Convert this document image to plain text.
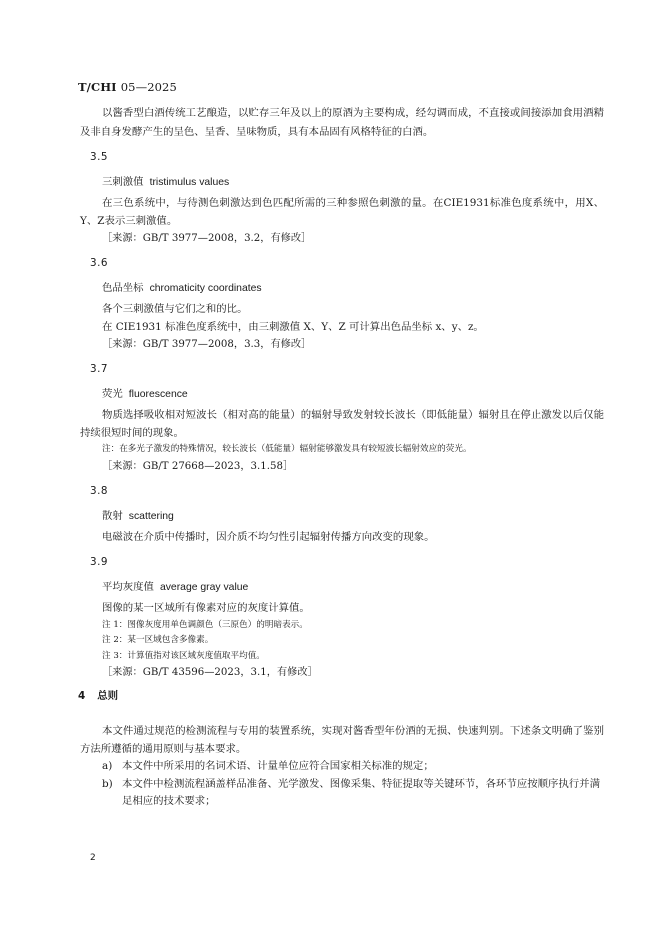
T/CHI 05—2025
以酱香型白酒传统工艺酿造，以贮存三年及以上的原酒为主要构成，经勾调而成，不直接或间接添加食用酒精及非自身发酵产生的呈色、呈香、呈味物质，具有本品固有风格特征的白酒。
3.5
三刺激值 tristimulus values
在三色系统中，与待测色刺激达到色匹配所需的三种参照色刺激的量。在CIE1931标准色度系统中，用X、Y、Z表示三刺激值。
［来源：GB/T 3977—2008，3.2，有修改］
3.6
色品坐标 chromaticity coordinates
各个三刺激值与它们之和的比。
在 CIE1931 标准色度系统中，由三刺激值 X、Y、Z 可计算出色品坐标 x、y、z。
［来源：GB/T 3977—2008，3.3，有修改］
3.7
荧光 fluorescence
物质选择吸收相对短波长（相对高的能量）的辐射导致发射较长波长（即低能量）辐射且在停止激发以后仅能持续很短时间的现象。
注：在多光子激发的特殊情况，较长波长（低能量）辐射能够激发具有较短波长辐射效应的荧光。
［来源：GB/T 27668—2023，3.1.58］
3.8
散射 scattering
电磁波在介质中传播时，因介质不均匀性引起辐射传播方向改变的现象。
3.9
平均灰度值 average gray value
图像的某一区域所有像素对应的灰度计算值。
注 1：图像灰度用单色调颜色（三原色）的明暗表示。
注 2：某一区域包含多像素。
注 3：计算值指对该区域灰度值取平均值。
［来源：GB/T 43596—2023，3.1，有修改］
4 总则
本文件通过规范的检测流程与专用的装置系统，实现对酱香型年份酒的无损、快速判别。下述条文明确了鉴别方法所遵循的通用原则与基本要求。
a) 本文件中所采用的名词术语、计量单位应符合国家相关标准的规定；
b) 本文件中检测流程涵盖样品准备、光学激发、图像采集、特征提取等关键环节，各环节应按顺序执行并满足相应的技术要求；
2
